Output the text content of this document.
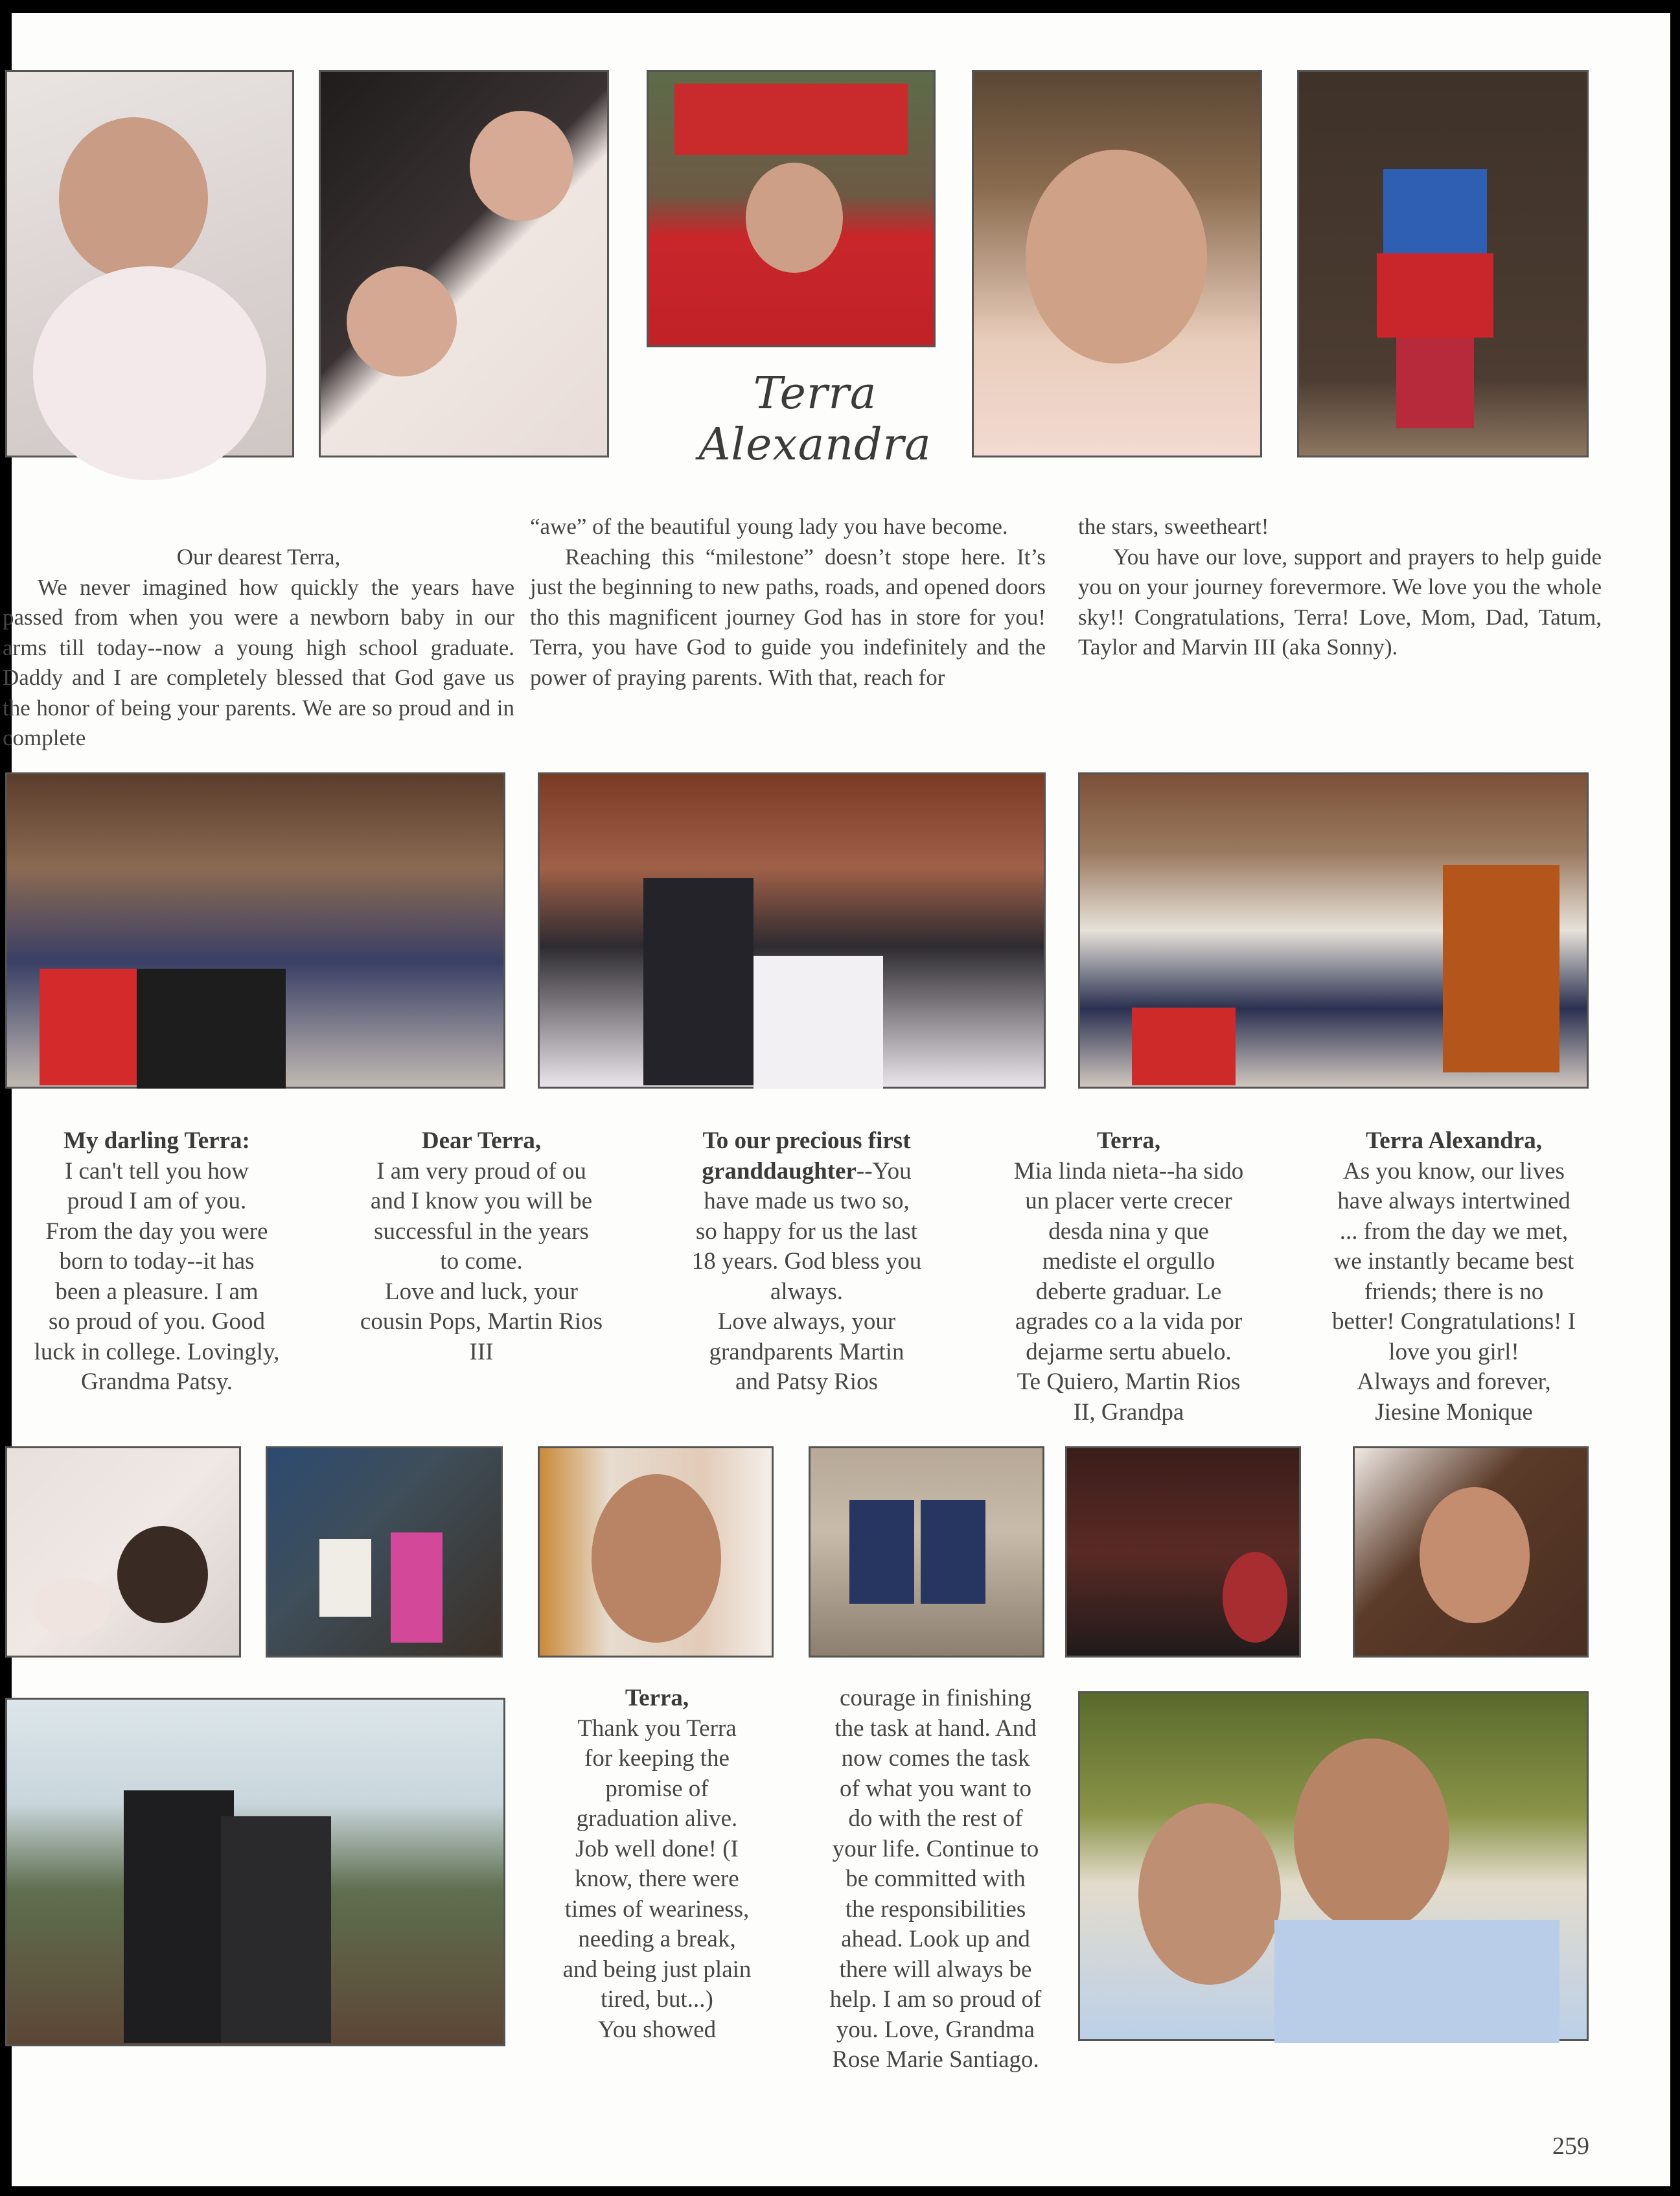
Terra Alexandra

Our dearest Terra,

We never imagined how quickly the years have passed from when you were a newborn baby in our arms till today--now a young high school graduate. Daddy and I are completely blessed that God gave us the honor of being your parents. We are so proud and in complete

“awe” of the beautiful young lady you have become.

Reaching this “milestone” doesn’t stope here. It’s just the beginning to new paths, roads, and opened doors tho this magnificent journey God has in store for you! Terra, you have God to guide you indefinitely and the power of praying parents. With that, reach for

the stars, sweetheart!

You have our love, support and prayers to help guide you on your journey forevermore. We love you the whole sky!! Congratulations, Terra! Love, Mom, Dad, Tatum, Taylor and Marvin III (aka Sonny).

My darling Terra:

I can't tell you how

proud I am of you.

From the day you were

born to today--it has

been a pleasure. I am

so proud of you. Good

luck in college. Lovingly,

Grandma Patsy.

Dear Terra,

I am very proud of ou

and I know you will be

successful in the years

to come.

Love and luck, your

cousin Pops, Martin Rios

III

To our precious first

granddaughter--You

have made us two so,

so happy for us the last

18 years. God bless you

always.

Love always, your

grandparents Martin

and Patsy Rios

Terra,

Mia linda nieta--ha sido

un placer verte crecer

desda nina y que

mediste el orgullo

deberte graduar. Le

agrades co a la vida por

dejarme sertu abuelo.

Te Quiero, Martin Rios

II, Grandpa

Terra Alexandra,

As you know, our lives

have always intertwined

... from the day we met,

we instantly became best

friends; there is no

better! Congratulations! I

love you girl!

Always and forever,

Jiesine Monique

Terra,

Thank you Terra

for keeping the

promise of

graduation alive.

Job well done! (I

know, there were

times of weariness,

needing a break,

and being just plain

tired, but...)

You showed

courage in finishing

the task at hand. And

now comes the task

of what you want to

do with the rest of

your life. Continue to

be committed with

the responsibilities

ahead. Look up and

there will always be

help. I am so proud of

you. Love, Grandma

Rose Marie Santiago.

259
